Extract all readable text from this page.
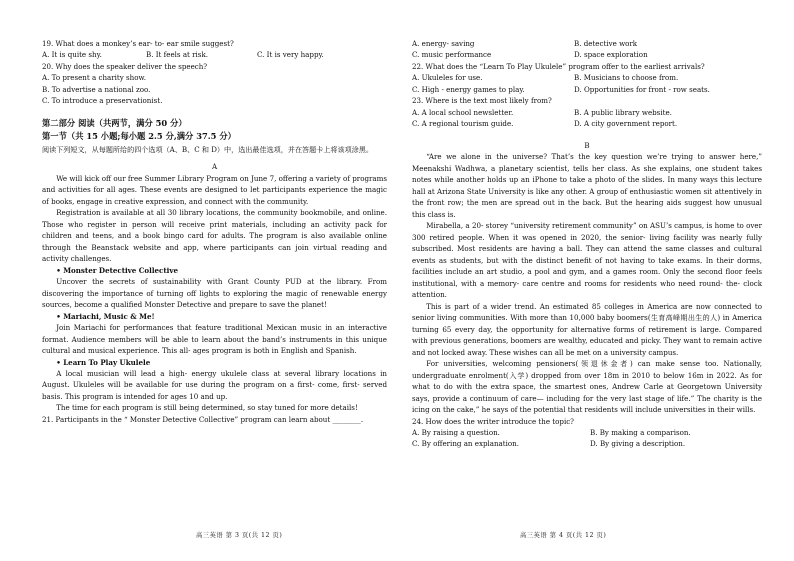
19. What does a monkey’s ear- to- ear smile suggest?

A. It is quite shy.	B. It feels at risk.	C. It is very happy.

20. Why does the speaker deliver the speech?

A. To present a charity show.

B. To advertise a national zoo.

C. To introduce a preservationist.

第二部分 阅读（共两节，满分 50 分）

第一节（共 15 小题;每小题 2.5 分,满分 37.5 分）

阅读下列短文，从每题所给的四个选项（A、B、C 和 D）中，选出最佳选项，并在答题卡上将该项涂黑。

A

We will kick off our free Summer Library Program on June 7, offering a variety of programs and activities for all ages. These events are designed to let participants experience the magic of books, engage in creative expression, and connect with the community.

Registration is available at all 30 library locations, the community bookmobile, and online. Those who register in person will receive print materials, including an activity pack for children and teens, and a book bingo card for adults. The program is also available online through the Beanstack website and app, where participants can join virtual reading and activity challenges.

• Monster Detective Collective

Uncover the secrets of sustainability with Grant County PUD at the library. From discovering the importance of turning off lights to exploring the magic of renewable energy sources, become a qualified Monster Detective and prepare to save the planet!

• Mariachi, Music & Me!

Join Mariachi for performances that feature traditional Mexican music in an interactive format. Audience members will be able to learn about the band’s instruments in this unique cultural and musical experience. This all- ages program is both in English and Spanish.

• Learn To Play Ukulele

A local musician will lead a high- energy ukulele class at several library locations in August. Ukuleles will be available for use during the program on a first- come, first- served basis. This program is intended for ages 10 and up.

The time for each program is still being determined, so stay tuned for more details!

21. Participants in the “ Monster Detective Collective” program can learn about ________.

A. energy- saving	B. detective work
C. music performance	D. space exploration

22. What does the “Learn To Play Ukulele” program offer to the earliest arrivals?

A. Ukuleles for use.	B. Musicians to choose from.
C. High - energy games to play.	D. Opportunities for front - row seats.

23. Where is the text most likely from?

A. A local school newsletter.	B. A public library website.
C. A regional tourism guide.	D. A city government report.

B

“Are we alone in the universe? That’s the key question we’re trying to answer here,” Meenakshi Wadhwa, a planetary scientist, tells her class. As she explains, one student takes notes while another holds up an iPhone to take a photo of the slides. In many ways this lecture hall at Arizona State University is like any other. A group of enthusiastic women sit attentively in the front row; the men are spread out in the back. But the hearing aids suggest how unusual this class is.

Mirabella, a 20- storey “university retirement community” on ASU’s campus, is home to over 300 retired people. When it was opened in 2020, the senior- living facility was nearly fully subscribed. Most residents are having a ball. They can attend the same classes and cultural events as students, but with the distinct benefit of not having to take exams. In their dorms, facilities include an art studio, a pool and gym, and a games room. Only the second floor feels institutional, with a memory- care centre and rooms for residents who need round- the- clock attention.

This is part of a wider trend. An estimated 85 colleges in America are now connected to senior living communities. With more than 10,000 baby boomers(生育高峰期出生的人) in America turning 65 every day, the opportunity for alternative forms of retirement is large. Compared with previous generations, boomers are wealthy, educated and picky. They want to remain active and not locked away. These wishes can all be met on a university campus.

For universities, welcoming pensioners(领退休金者) can make sense too. Nationally, undergraduate enrolment(入学) dropped from over 18m in 2010 to below 16m in 2022. As for what to do with the extra space, the smartest ones, Andrew Carle at Georgetown University says, provide a continuum of care— including for the very last stage of life.” The charity is the icing on the cake,” he says of the potential that residents will include universities in their wills.

24. How does the writer introduce the topic?

A. By raising a question.	B. By making a comparison.
C. By offering an explanation.	D. By giving a description.
高三英语 第 3 页(共 12 页)	高三英语 第 4 页(共 12 页)
